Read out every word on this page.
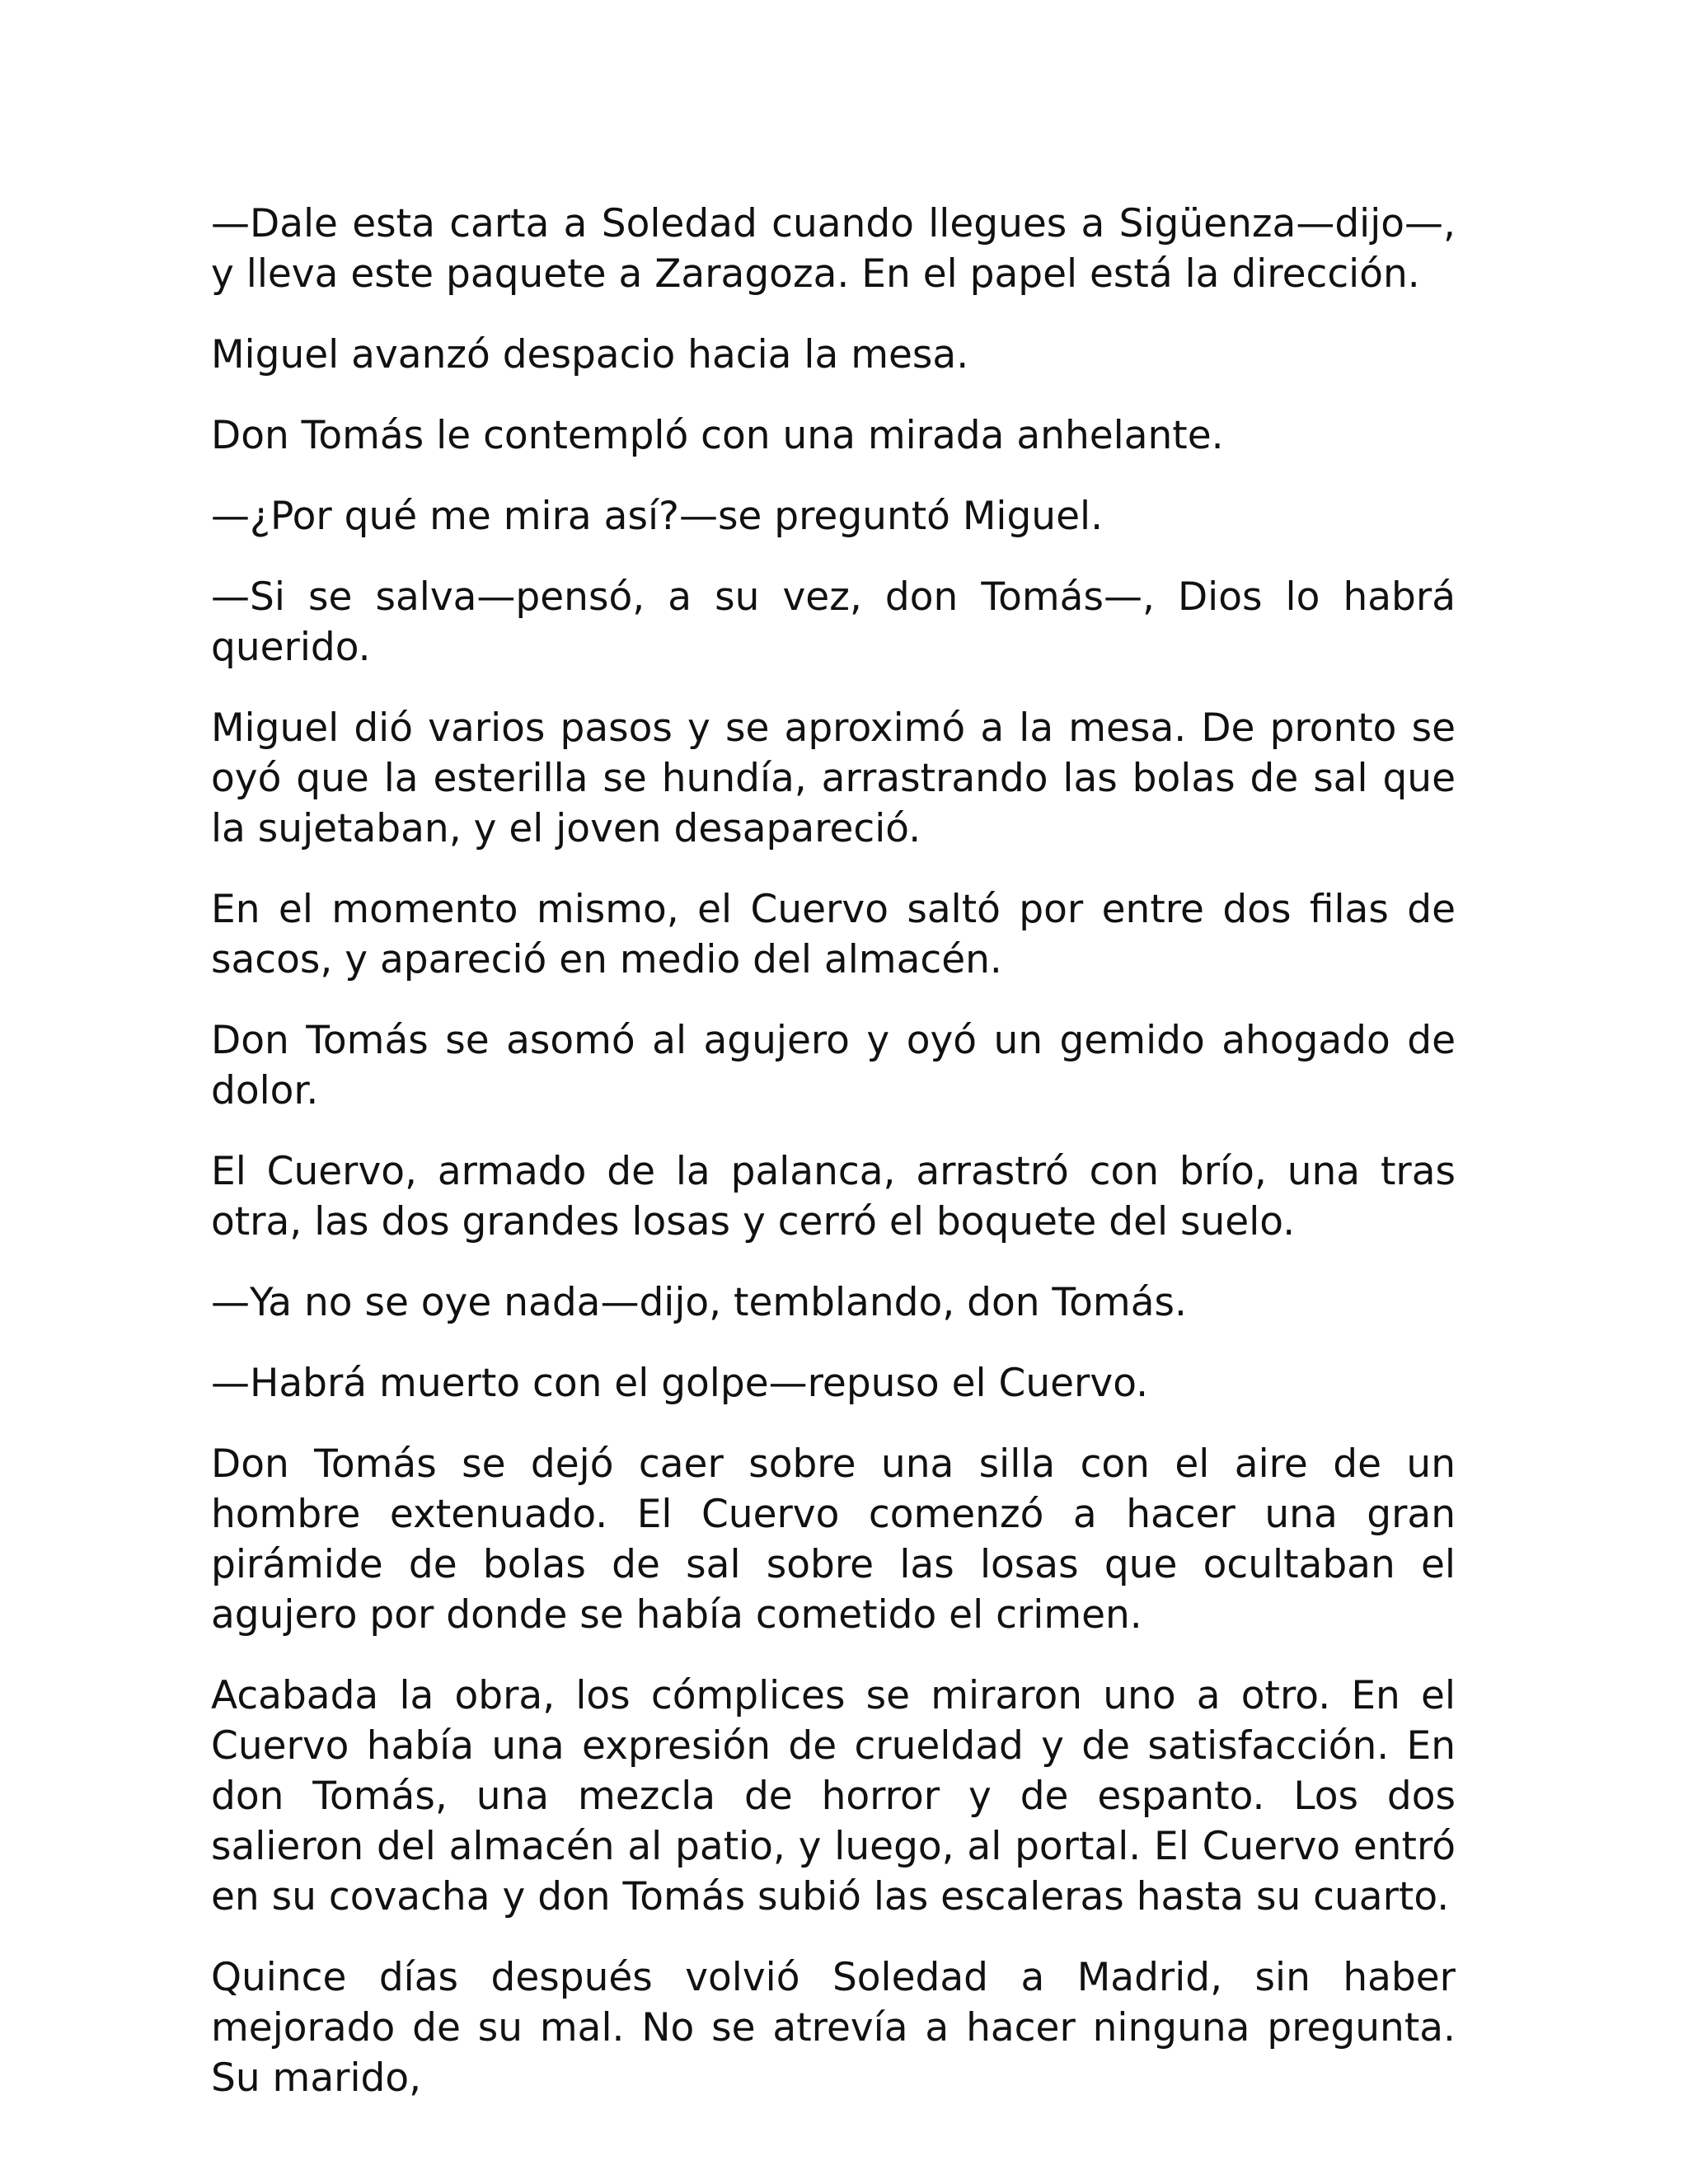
—Dale esta carta a Soledad cuando llegues a Sigüenza—dijo—, y lleva este paquete a Zaragoza. En el papel está la dirección.

Miguel avanzó despacio hacia la mesa.

Don Tomás le contempló con una mirada anhelante.

—¿Por qué me mira así?—se preguntó Miguel.

—Si se salva—pensó, a su vez, don Tomás—, Dios lo habrá querido.

Miguel dió varios pasos y se aproximó a la mesa. De pronto se oyó que la esterilla se hundía, arrastrando las bolas de sal que la sujetaban, y el joven desapareció.

En el momento mismo, el Cuervo saltó por entre dos filas de sacos, y apareció en medio del almacén.

Don Tomás se asomó al agujero y oyó un gemido ahogado de dolor.

El Cuervo, armado de la palanca, arrastró con brío, una tras otra, las dos grandes losas y cerró el boquete del suelo.

—Ya no se oye nada—dijo, temblando, don Tomás.

—Habrá muerto con el golpe—repuso el Cuervo.

Don Tomás se dejó caer sobre una silla con el aire de un hombre extenuado. El Cuervo comenzó a hacer una gran pirámide de bolas de sal sobre las losas que ocultaban el agujero por donde se había cometido el crimen.

Acabada la obra, los cómplices se miraron uno a otro. En el Cuervo había una expresión de crueldad y de satisfacción. En don Tomás, una mezcla de horror y de espanto. Los dos salieron del almacén al patio, y luego, al portal. El Cuervo entró en su covacha y don Tomás subió las escaleras hasta su cuarto.

Quince días después volvió Soledad a Madrid, sin haber mejorado de su mal. No se atrevía a hacer ninguna pregunta. Su marido,
